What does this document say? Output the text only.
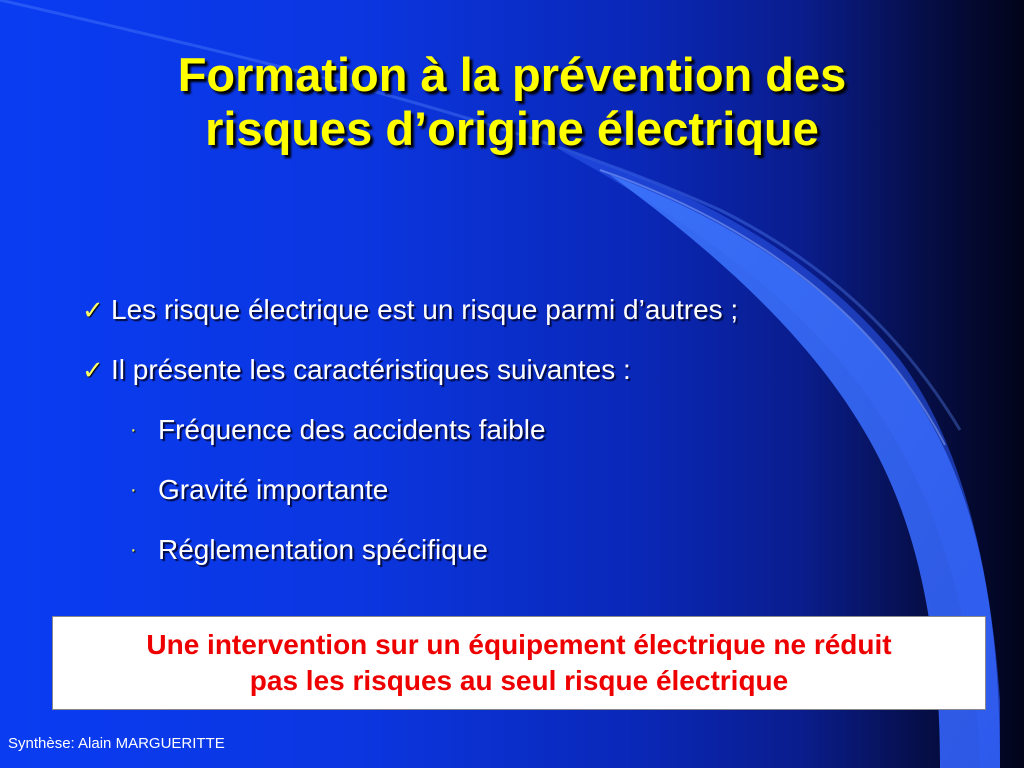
Formation à la prévention des
risques d’origine électrique
✓ Les risque électrique est un risque parmi d’autres ;
✓ Il présente les caractéristiques suivantes :
· Fréquence des accidents faible
· Gravité importante
· Réglementation spécifique
Une intervention sur un équipement électrique ne réduit
pas les risques au seul risque électrique
Synthèse: Alain MARGUERITTE
